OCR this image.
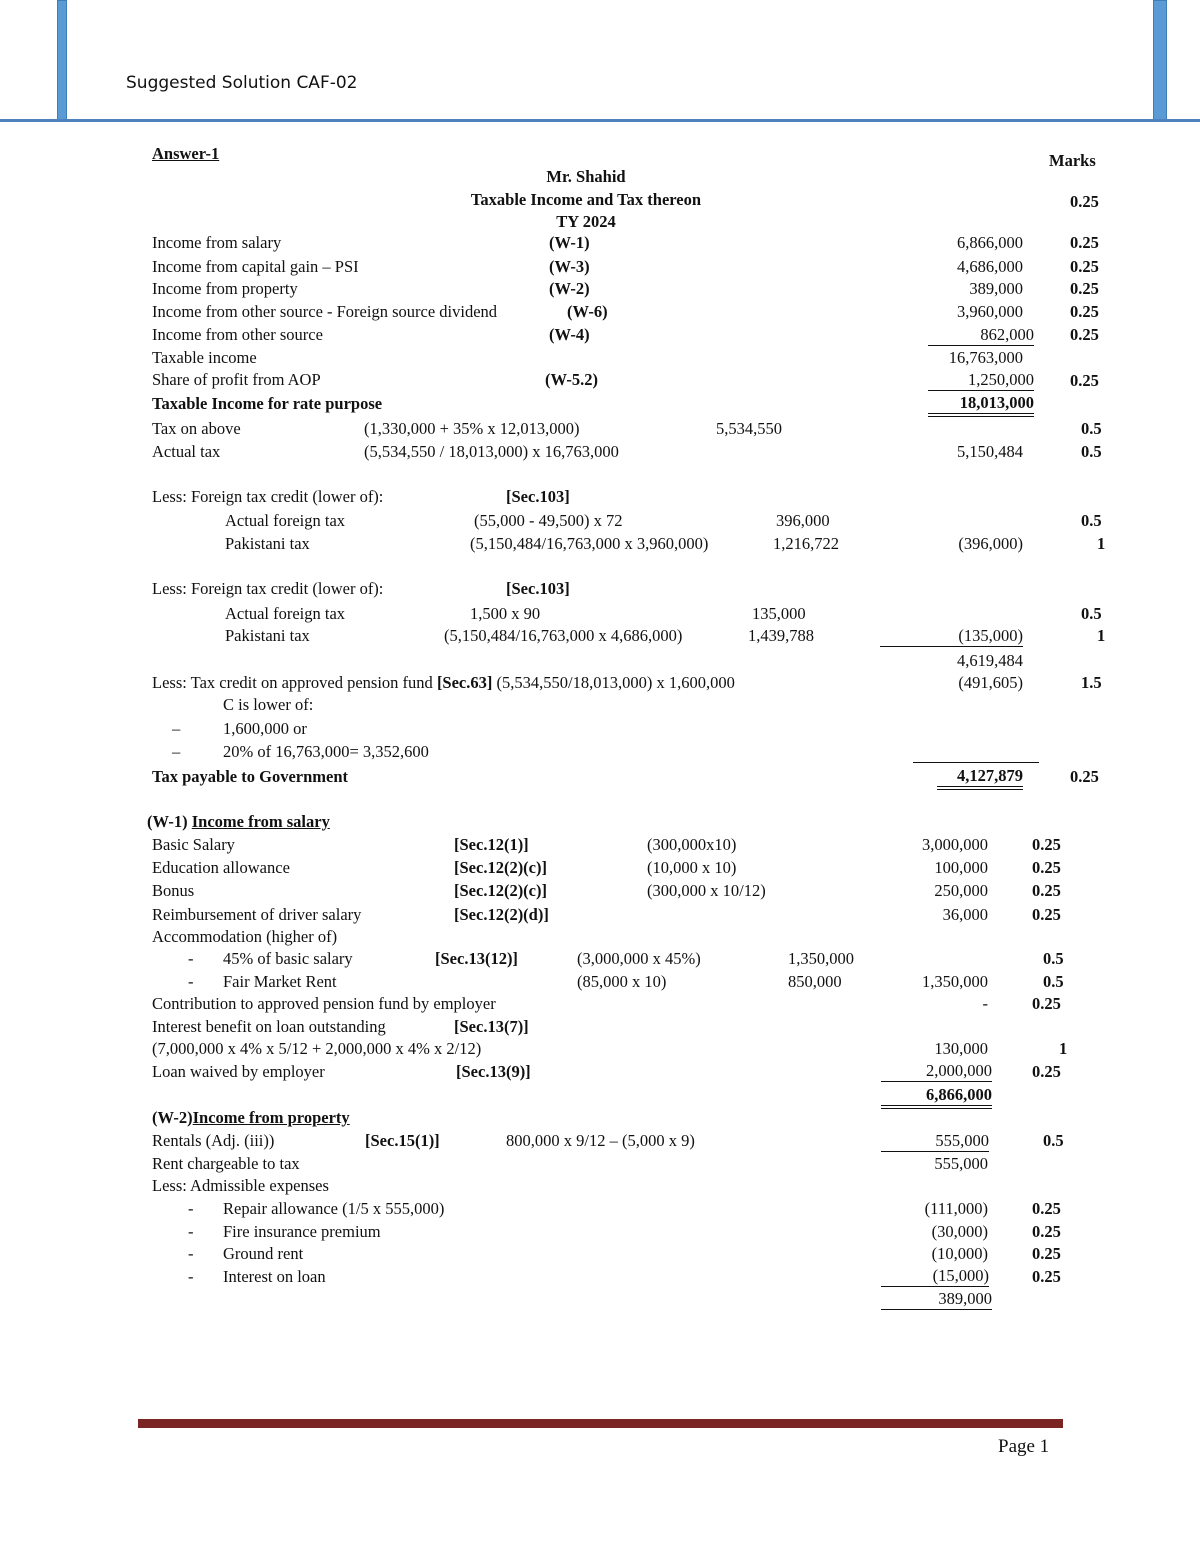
Suggested Solution CAF-02
Answer-1	Marks
Mr. Shahid
Taxable Income and Tax thereon	0.25
TY 2024
Income from salary	(W-1)	6,866,000	0.25
Income from capital gain – PSI	(W-3)	4,686,000	0.25
Income from property	(W-2)	389,000	0.25
Income from other source - Foreign source dividend	(W-6)	3,960,000	0.25
Income from other source	(W-4)	862,000 0.25
Taxable income	16,763,000
Share of profit from AOP	(W-5.2)	1,250,000 0.25
Taxable Income for rate purpose	18,013,000
Tax on above	(1,330,000 + 35% x 12,013,000)	5,534,550	0.5
Actual tax	(5,534,550 / 18,013,000) x 16,763,000	5,150,484	0.5
Less: Foreign tax credit (lower of):	[Sec.103]
Actual foreign tax	(55,000 - 49,500) x 72	396,000	0.5
Pakistani tax	(5,150,484/16,763,000 x 3,960,000)	1,216,722	(396,000)	1
Less: Foreign tax credit (lower of):	[Sec.103]
Actual foreign tax	1,500 x 90	135,000	0.5
Pakistani tax	(5,150,484/16,763,000 x 4,686,000)	1,439,788	(135,000)	1
4,619,484
Less: Tax credit on approved pension fund [Sec.63] (5,534,550/18,013,000) x 1,600,000	(491,605)	1.5
C is lower of:
–	1,600,000 or
–	20% of 16,763,000= 3,352,600
Tax payable to Government	4,127,879	0.25
(W-1) Income from salary
Basic Salary	[Sec.12(1)]	(300,000x10)	3,000,000	0.25
Education allowance	[Sec.12(2)(c)]	(10,000 x 10)	100,000	0.25
Bonus	[Sec.12(2)(c)]	(300,000 x 10/12)	250,000	0.25
Reimbursement of driver salary	[Sec.12(2)(d)]	36,000	0.25
Accommodation (higher of)
- 45% of basic salary	[Sec.13(12)]	(3,000,000 x 45%)	1,350,000	0.5
- Fair Market Rent	(85,000 x 10)	850,000	1,350,000	0.5
Contribution to approved pension fund by employer	-	0.25
Interest benefit on loan outstanding	[Sec.13(7)]
(7,000,000 x 4% x 5/12 + 2,000,000 x 4% x 2/12)	130,000	1
Loan waived by employer	[Sec.13(9)]	2,000,000 0.25
6,866,000
(W-2)Income from property
Rentals (Adj. (iii))	[Sec.15(1)]	800,000 x 9/12 – (5,000 x 9)	555,000	0.5
Rent chargeable to tax	555,000
Less: Admissible expenses
- Repair allowance (1/5 x 555,000)	(111,000)	0.25
- Fire insurance premium	(30,000)	0.25
- Ground rent	(10,000)	0.25
- Interest on loan	(15,000)	0.25
389,000
Page 1
